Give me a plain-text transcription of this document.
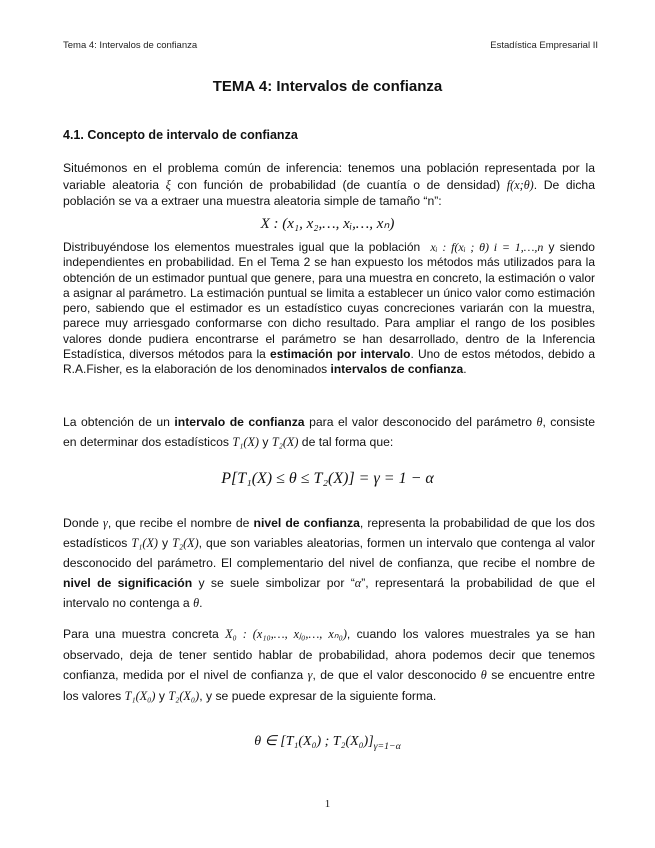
Tema 4: Intervalos de confianza	Estadística Empresarial II
TEMA 4: Intervalos de confianza
4.1. Concepto de intervalo de confianza
Situémonos en el problema común de inferencia: tenemos una población representada por la variable aleatoria ξ con función de probabilidad (de cuantía o de densidad) f(x;θ). De dicha población se va a extraer una muestra aleatoria simple de tamaño “n”:
X : (x₁, x₂,…, xᵢ,…, xₙ)
Distribuyéndose los elementos muestrales igual que la población xᵢ : f(xᵢ ; θ) i = 1,…,n y siendo independientes en probabilidad. En el Tema 2 se han expuesto los métodos más utilizados para la obtención de un estimador puntual que genere, para una muestra en concreto, la estimación o valor a asignar al parámetro. La estimación puntual se limita a establecer un único valor como estimación pero, sabiendo que el estimador es un estadístico cuyas concreciones variarán con la muestra, parece muy arriesgado conformarse con dicho resultado. Para ampliar el rango de los posibles valores donde pudiera encontrarse el parámetro se han desarrollado, dentro de la Inferencia Estadística, diversos métodos para la estimación por intervalo. Uno de estos métodos, debido a R.A.Fisher, es la elaboración de los denominados intervalos de confianza.
La obtención de un intervalo de confianza para el valor desconocido del parámetro θ, consiste en determinar dos estadísticos T₁(X) y T₂(X) de tal forma que:
P[T₁(X) ≤ θ ≤ T₂(X)] = γ = 1 − α
Donde γ, que recibe el nombre de nivel de confianza, representa la probabilidad de que los dos estadísticos T₁(X) y T₂(X), que son variables aleatorias, formen un intervalo que contenga al valor desconocido del parámetro. El complementario del nivel de confianza, que recibe el nombre de nivel de significación y se suele simbolizar por “α”, representará la probabilidad de que el intervalo no contenga a θ.
Para una muestra concreta X₀ : (x₁₀,…, xⱼ₀,…, xₙ₀), cuando los valores muestrales ya se han observado, deja de tener sentido hablar de probabilidad, ahora podemos decir que tenemos confianza, medida por el nivel de confianza γ, de que el valor desconocido θ se encuentre entre los valores T₁(X₀) y T₂(X₀), y se puede expresar de la siguiente forma.
θ ∈ [T₁(X₀) ; $T_2(X_0)]_{\gamma=1-\alpha}$
1
